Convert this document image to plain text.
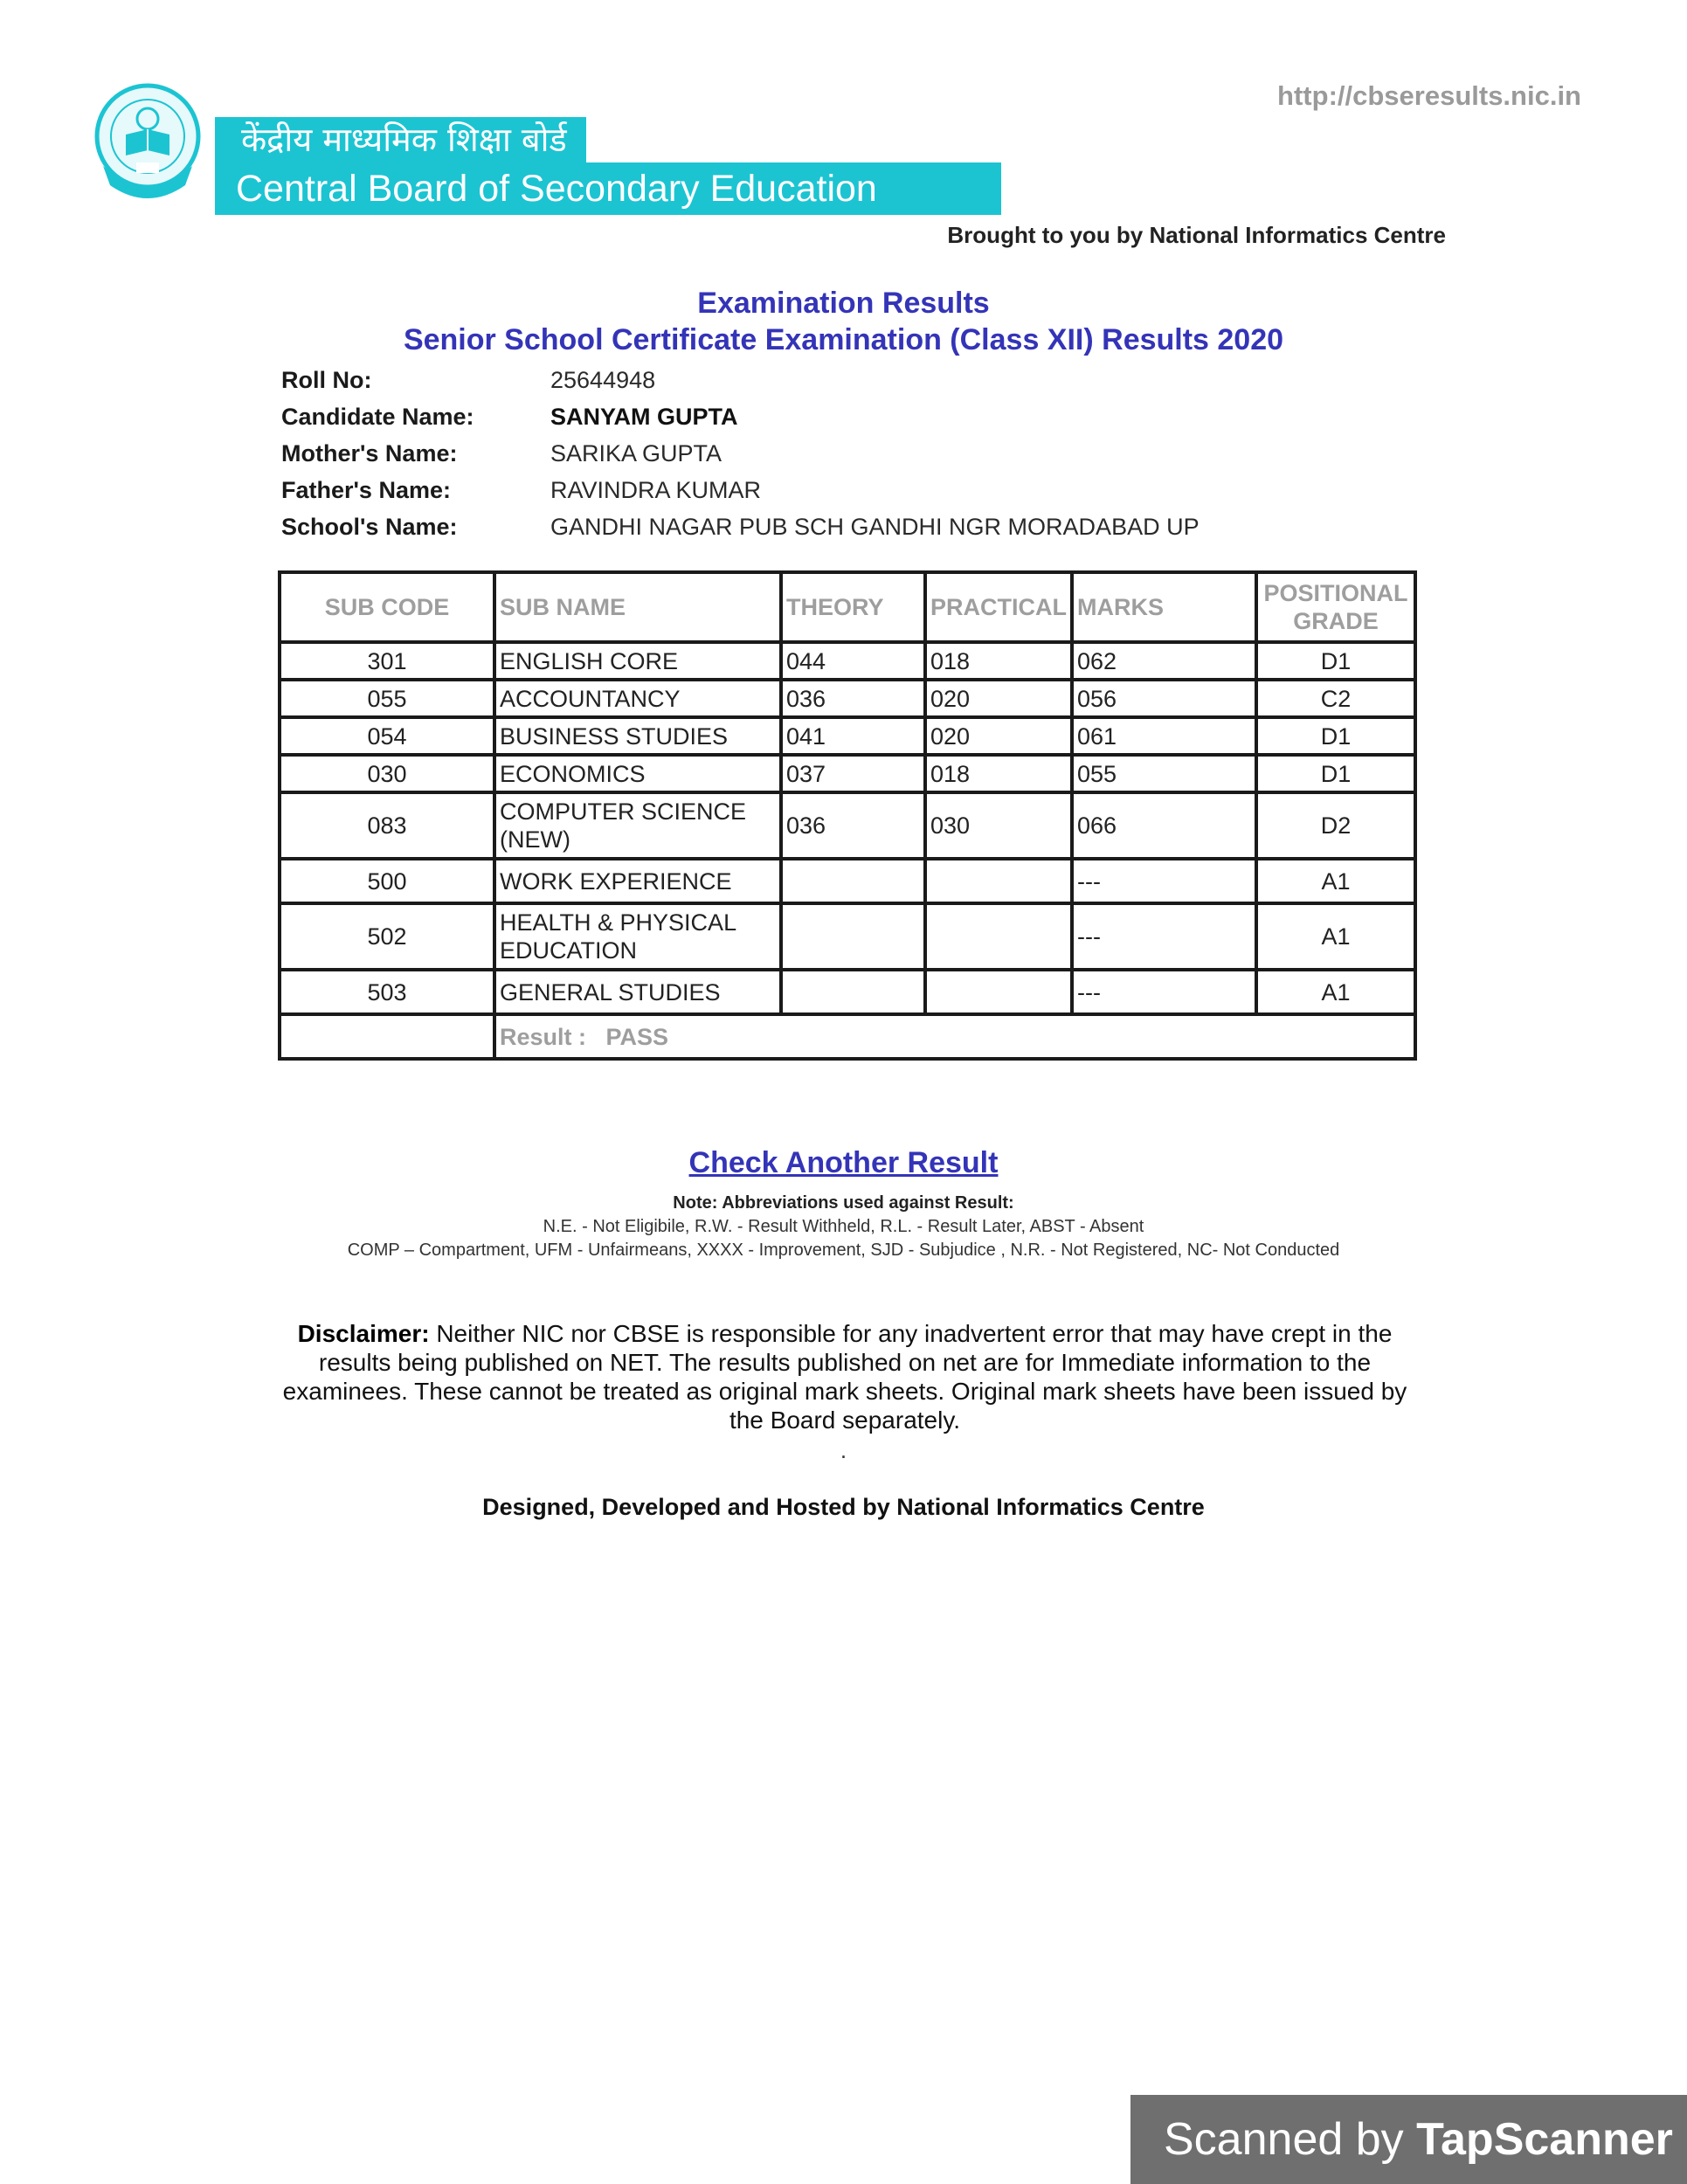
केंद्रीय माध्यमिक शिक्षा बोर्ड
Central Board of Secondary Education
http://cbseresults.nic.in
Brought to you by National Informatics Centre
Examination Results
Senior School Certificate Examination (Class XII) Results 2020
Roll No:	25644948
Candidate Name:	SANYAM GUPTA
Mother's Name:	SARIKA GUPTA
Father's Name:	RAVINDRA KUMAR
School's Name:	GANDHI NAGAR PUB SCH GANDHI NGR MORADABAD UP
SUB CODE	SUB NAME	THEORY	PRACTICAL	MARKS	POSITIONAL
GRADE
301	ENGLISH CORE	044	018	062	D1
055	ACCOUNTANCY	036	020	056	C2
054	BUSINESS STUDIES	041	020	061	D1
030	ECONOMICS	037	018	055	D1
083	COMPUTER SCIENCE
(NEW)	036	030	066	D2
500	WORK EXPERIENCE			---	A1
502	HEALTH & PHYSICAL
EDUCATION			---	A1
503	GENERAL STUDIES			---	A1
	Result : PASS				
Check Another Result
Note: Abbreviations used against Result:
N.E. - Not Eligibile, R.W. - Result Withheld, R.L. - Result Later, ABST - Absent
COMP – Compartment, UFM - Unfairmeans, XXXX - Improvement, SJD - Subjudice , N.R. - Not Registered, NC- Not Conducted
Disclaimer: Neither NIC nor CBSE is responsible for any inadvertent error that may have crept in the results being published on NET. The results published on net are for Immediate information to the examinees. These cannot be treated as original mark sheets. Original mark sheets have been issued by the Board separately.
.
Designed, Developed and Hosted by National Informatics Centre
Scanned by TapScanner
